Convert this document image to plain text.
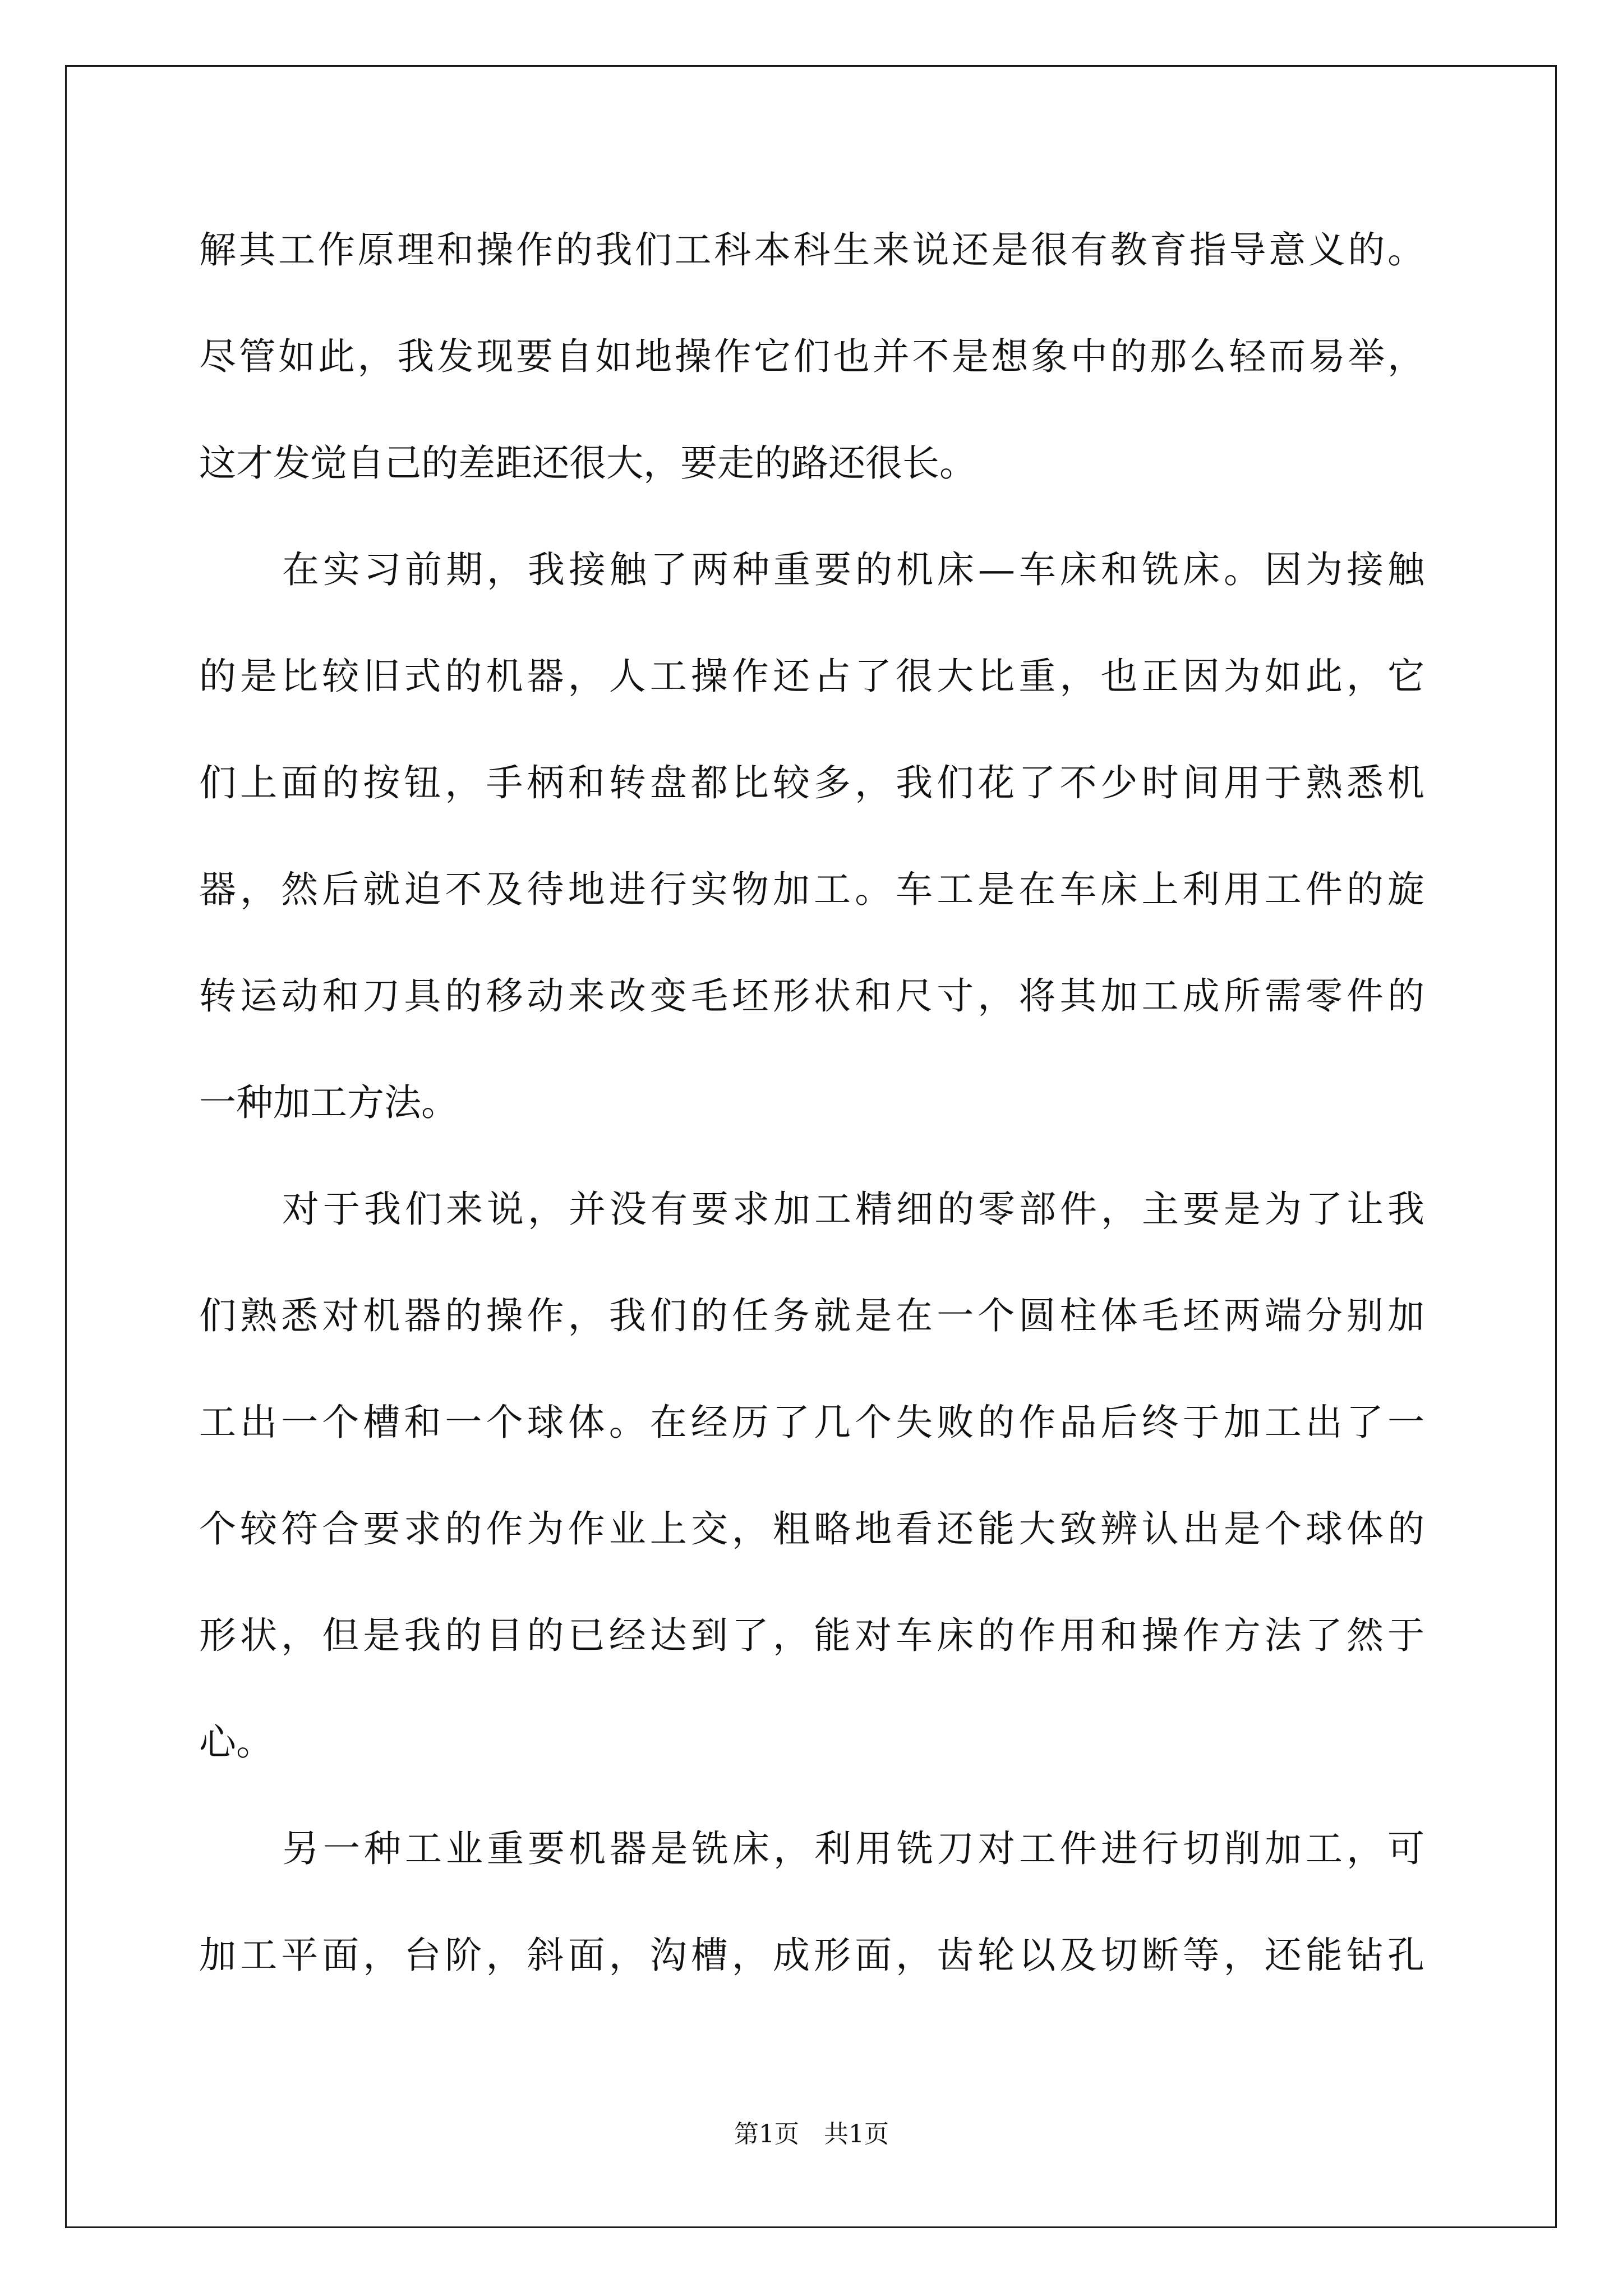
解其工作原理和操作的我们工科本科生来说还是很有教育指导意义的。
尽管如此，我发现要自如地操作它们也并不是想象中的那么轻而易举，
这才发觉自己的差距还很大，要走的路还很长。
在实习前期，我接触了两种重要的机床—车床和铣床。因为接触
的是比较旧式的机器，人工操作还占了很大比重，也正因为如此，它
们上面的按钮，手柄和转盘都比较多，我们花了不少时间用于熟悉机
器，然后就迫不及待地进行实物加工。车工是在车床上利用工件的旋
转运动和刀具的移动来改变毛坯形状和尺寸，将其加工成所需零件的
一种加工方法。
对于我们来说，并没有要求加工精细的零部件，主要是为了让我
们熟悉对机器的操作，我们的任务就是在一个圆柱体毛坯两端分别加
工出一个槽和一个球体。在经历了几个失败的作品后终于加工出了一
个较符合要求的作为作业上交，粗略地看还能大致辨认出是个球体的
形状，但是我的目的已经达到了，能对车床的作用和操作方法了然于
心。
另一种工业重要机器是铣床，利用铣刀对工件进行切削加工，可
加工平面，台阶，斜面，沟槽，成形面，齿轮以及切断等，还能钻孔
第1页 共1页
